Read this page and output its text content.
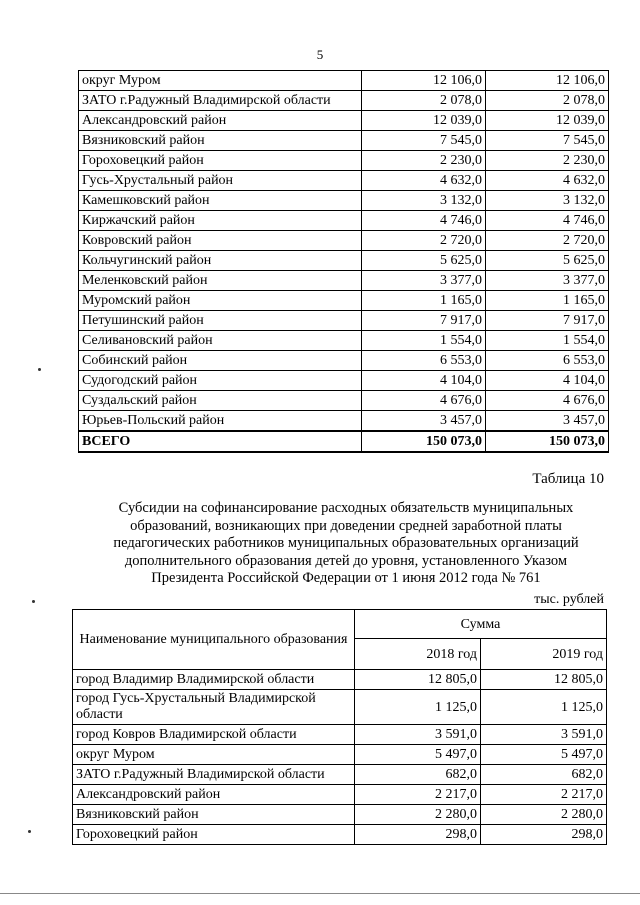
5
округ Муром	12 106,0	12 106,0
ЗАТО г.Радужный Владимирской области	2 078,0	2 078,0
Александровский район	12 039,0	12 039,0
Вязниковский район	7 545,0	7 545,0
Гороховецкий район	2 230,0	2 230,0
Гусь-Хрустальный район	4 632,0	4 632,0
Камешковский район	3 132,0	3 132,0
Киржачский район	4 746,0	4 746,0
Ковровский район	2 720,0	2 720,0
Кольчугинский район	5 625,0	5 625,0
Меленковский район	3 377,0	3 377,0
Муромский район	1 165,0	1 165,0
Петушинский район	7 917,0	7 917,0
Селивановский район	1 554,0	1 554,0
Собинский район	6 553,0	6 553,0
Судогодский район	4 104,0	4 104,0
Суздальский район	4 676,0	4 676,0
Юрьев-Польский район	3 457,0	3 457,0
ВСЕГО	150 073,0	150 073,0
Таблица 10
Субсидии на софинансирование расходных обязательств муниципальных
образований, возникающих при доведении средней заработной платы
педагогических работников муниципальных образовательных организаций
дополнительного образования детей до уровня, установленного Указом
Президента Российской Федерации от 1 июня 2012 года № 761
тыс. рублей
Наименование муниципального образования	Сумма	
	2018 год	2019 год
город Владимир Владимирской области	12 805,0	12 805,0
город Гусь-Хрустальный Владимирской области	1 125,0	1 125,0
город Ковров Владимирской области	3 591,0	3 591,0
округ Муром	5 497,0	5 497,0
ЗАТО г.Радужный Владимирской области	682,0	682,0
Александровский район	2 217,0	2 217,0
Вязниковский район	2 280,0	2 280,0
Гороховецкий район	298,0	298,0
